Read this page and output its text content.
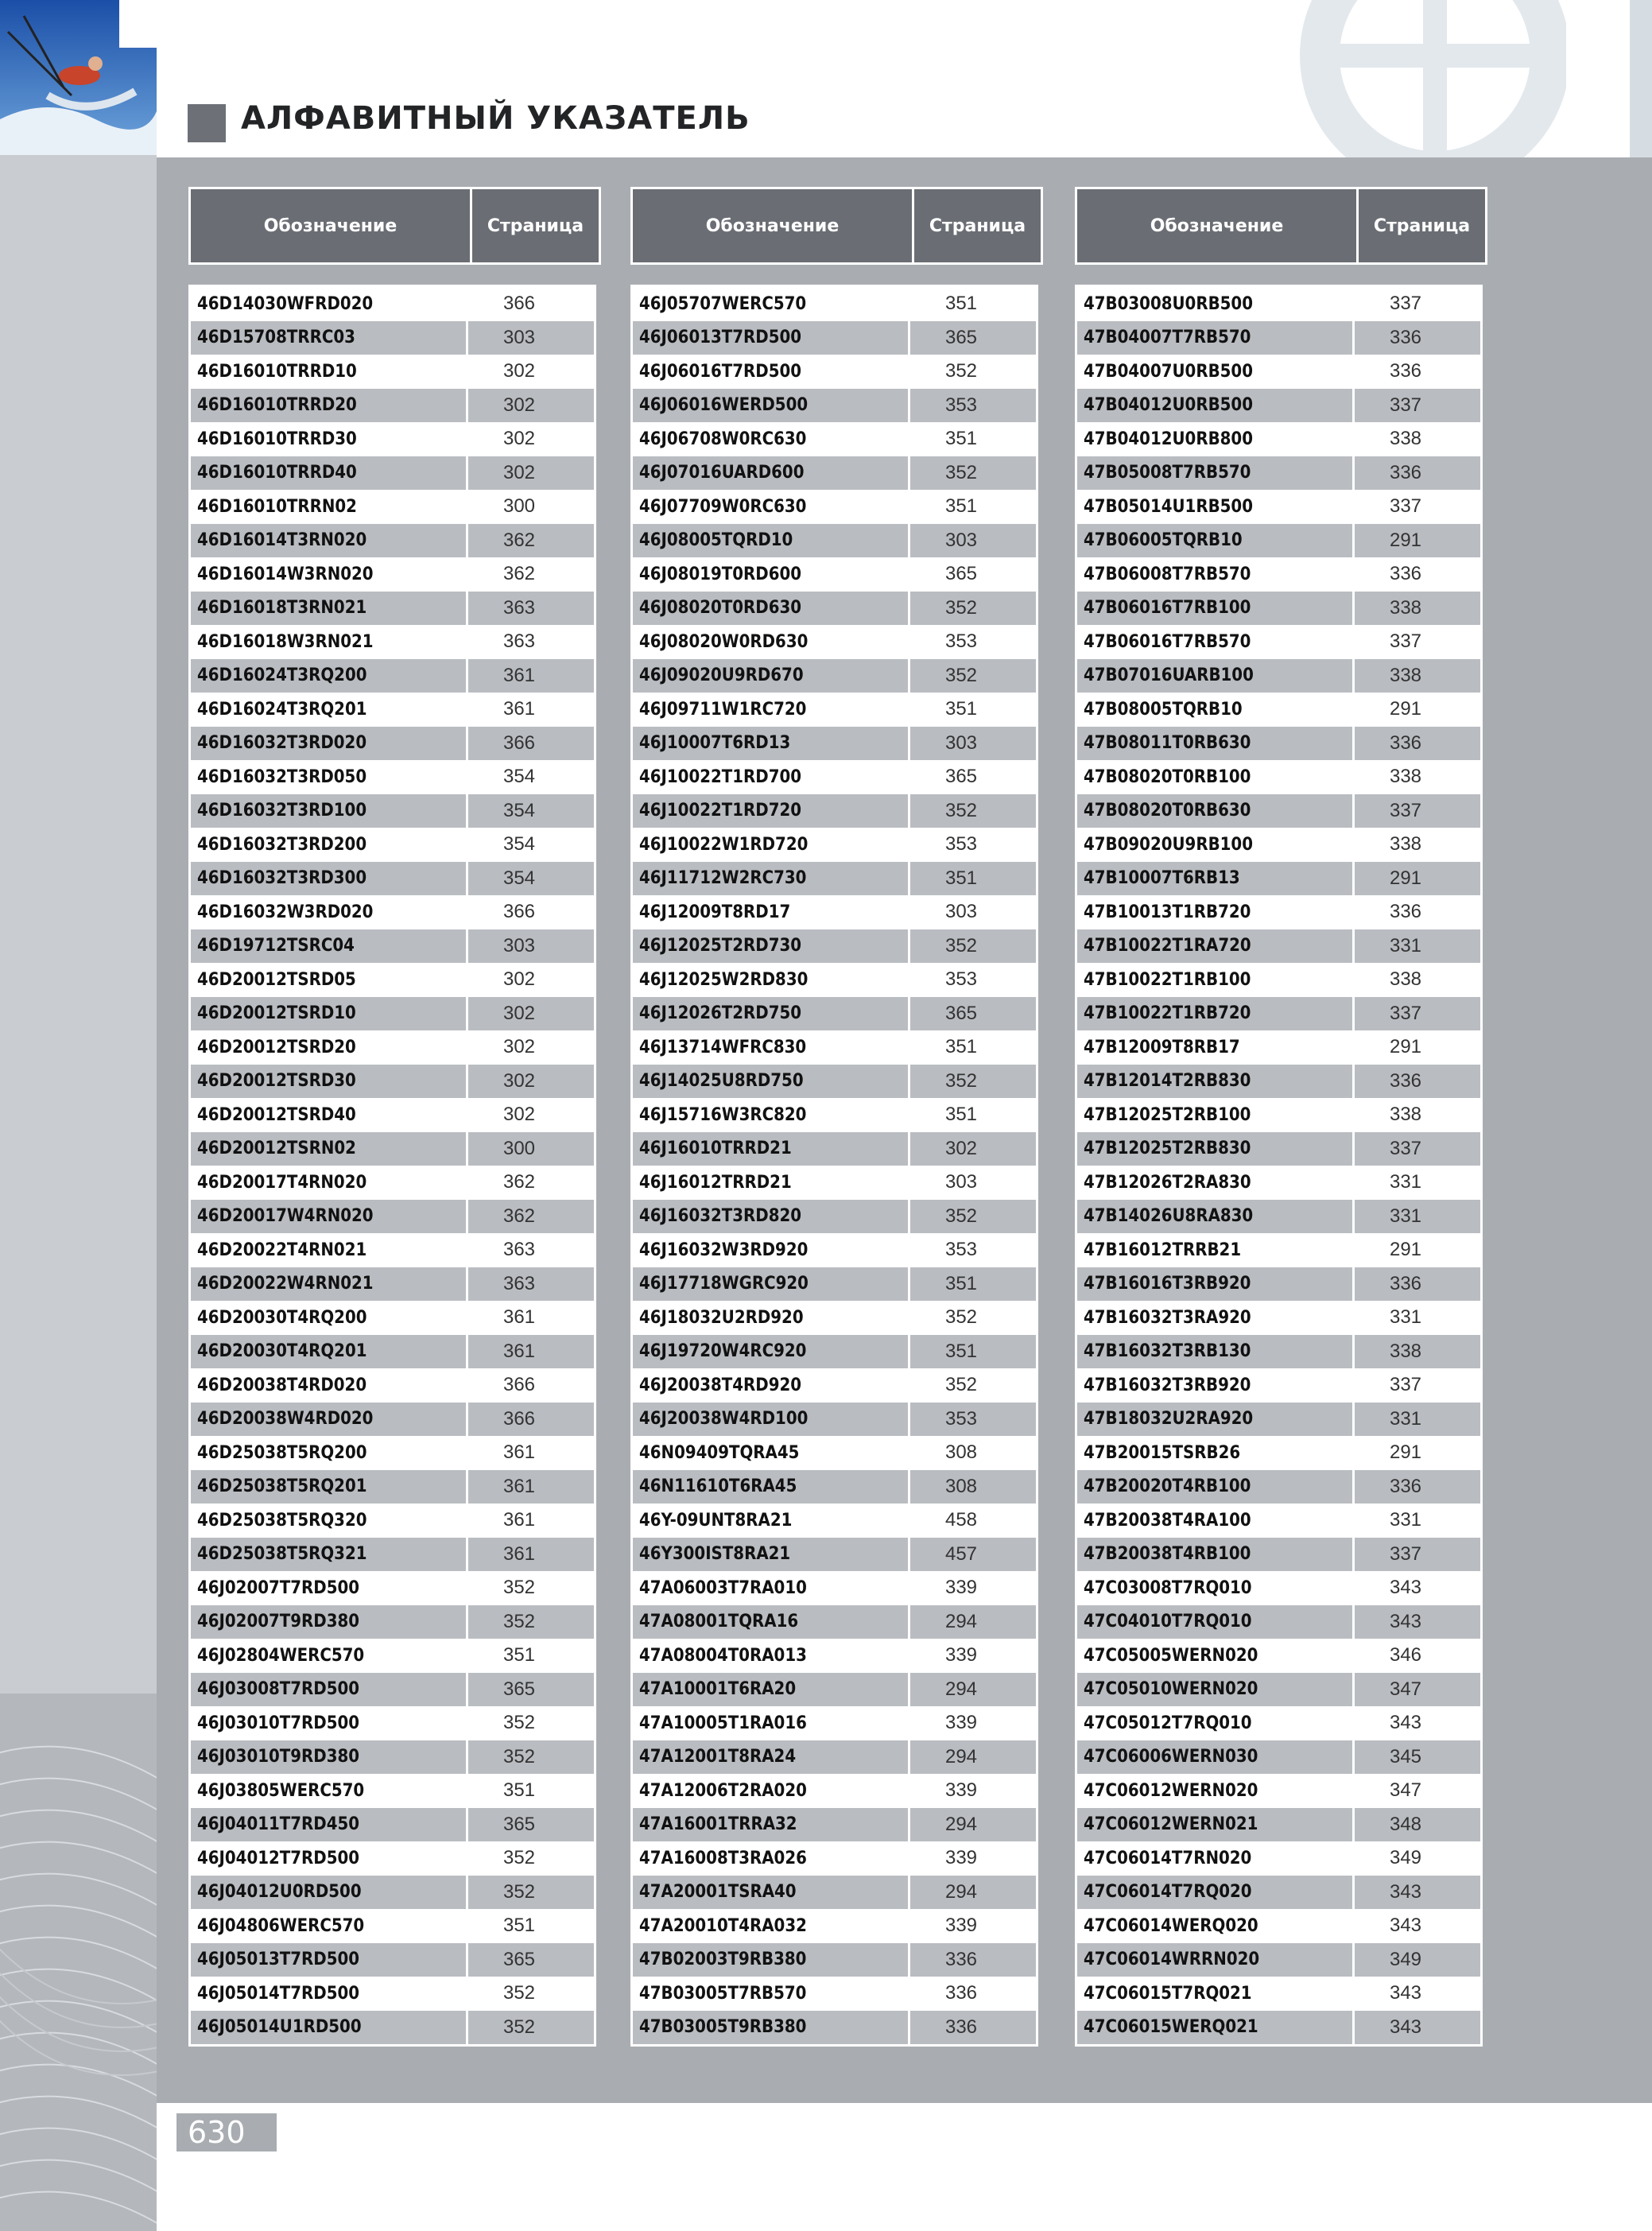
АЛФАВИТНЫЙ УКАЗАТЕЛЬ
Обозначение	Страница
46D14030WFRD020	366
46D15708TRRC03	303
46D16010TRRD10	302
46D16010TRRD20	302
46D16010TRRD30	302
46D16010TRRD40	302
46D16010TRRN02	300
46D16014T3RN020	362
46D16014W3RN020	362
46D16018T3RN021	363
46D16018W3RN021	363
46D16024T3RQ200	361
46D16024T3RQ201	361
46D16032T3RD020	366
46D16032T3RD050	354
46D16032T3RD100	354
46D16032T3RD200	354
46D16032T3RD300	354
46D16032W3RD020	366
46D19712TSRC04	303
46D20012TSRD05	302
46D20012TSRD10	302
46D20012TSRD20	302
46D20012TSRD30	302
46D20012TSRD40	302
46D20012TSRN02	300
46D20017T4RN020	362
46D20017W4RN020	362
46D20022T4RN021	363
46D20022W4RN021	363
46D20030T4RQ200	361
46D20030T4RQ201	361
46D20038T4RD020	366
46D20038W4RD020	366
46D25038T5RQ200	361
46D25038T5RQ201	361
46D25038T5RQ320	361
46D25038T5RQ321	361
46J02007T7RD500	352
46J02007T9RD380	352
46J02804WERC570	351
46J03008T7RD500	365
46J03010T7RD500	352
46J03010T9RD380	352
46J03805WERC570	351
46J04011T7RD450	365
46J04012T7RD500	352
46J04012U0RD500	352
46J04806WERC570	351
46J05013T7RD500	365
46J05014T7RD500	352
46J05014U1RD500	352
Обозначение	Страница
46J05707WERC570	351
46J06013T7RD500	365
46J06016T7RD500	352
46J06016WERD500	353
46J06708W0RC630	351
46J07016UARD600	352
46J07709W0RC630	351
46J08005TQRD10	303
46J08019T0RD600	365
46J08020T0RD630	352
46J08020W0RD630	353
46J09020U9RD670	352
46J09711W1RC720	351
46J10007T6RD13	303
46J10022T1RD700	365
46J10022T1RD720	352
46J10022W1RD720	353
46J11712W2RC730	351
46J12009T8RD17	303
46J12025T2RD730	352
46J12025W2RD830	353
46J12026T2RD750	365
46J13714WFRC830	351
46J14025U8RD750	352
46J15716W3RC820	351
46J16010TRRD21	302
46J16012TRRD21	303
46J16032T3RD820	352
46J16032W3RD920	353
46J17718WGRC920	351
46J18032U2RD920	352
46J19720W4RC920	351
46J20038T4RD920	352
46J20038W4RD100	353
46N09409TQRA45	308
46N11610T6RA45	308
46Y-09UNT8RA21	458
46Y300IST8RA21	457
47A06003T7RA010	339
47A08001TQRA16	294
47A08004T0RA013	339
47A10001T6RA20	294
47A10005T1RA016	339
47A12001T8RA24	294
47A12006T2RA020	339
47A16001TRRA32	294
47A16008T3RA026	339
47A20001TSRA40	294
47A20010T4RA032	339
47B02003T9RB380	336
47B03005T7RB570	336
47B03005T9RB380	336
Обозначение	Страница
47B03008U0RB500	337
47B04007T7RB570	336
47B04007U0RB500	336
47B04012U0RB500	337
47B04012U0RB800	338
47B05008T7RB570	336
47B05014U1RB500	337
47B06005TQRB10	291
47B06008T7RB570	336
47B06016T7RB100	338
47B06016T7RB570	337
47B07016UARB100	338
47B08005TQRB10	291
47B08011T0RB630	336
47B08020T0RB100	338
47B08020T0RB630	337
47B09020U9RB100	338
47B10007T6RB13	291
47B10013T1RB720	336
47B10022T1RA720	331
47B10022T1RB100	338
47B10022T1RB720	337
47B12009T8RB17	291
47B12014T2RB830	336
47B12025T2RB100	338
47B12025T2RB830	337
47B12026T2RA830	331
47B14026U8RA830	331
47B16012TRRB21	291
47B16016T3RB920	336
47B16032T3RA920	331
47B16032T3RB130	338
47B16032T3RB920	337
47B18032U2RA920	331
47B20015TSRB26	291
47B20020T4RB100	336
47B20038T4RA100	331
47B20038T4RB100	337
47C03008T7RQ010	343
47C04010T7RQ010	343
47C05005WERN020	346
47C05010WERN020	347
47C05012T7RQ010	343
47C06006WERN030	345
47C06012WERN020	347
47C06012WERN021	348
47C06014T7RN020	349
47C06014T7RQ020	343
47C06014WERQ020	343
47C06014WRRN020	349
47C06015T7RQ021	343
47C06015WERQ021	343
630
